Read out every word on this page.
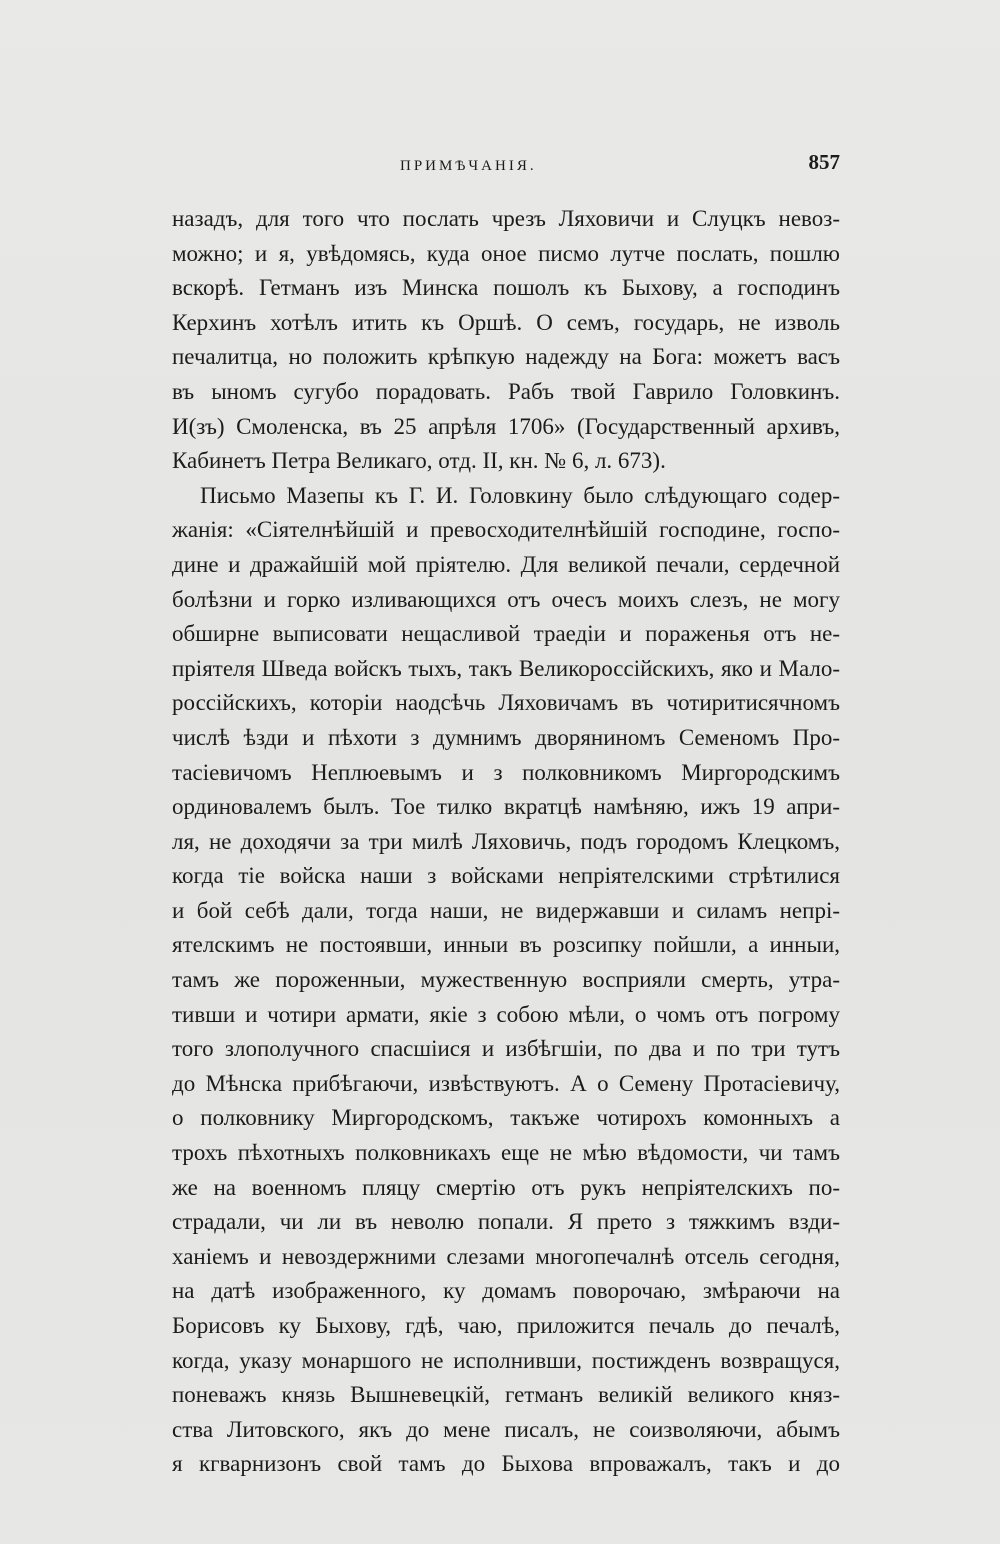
ПРИМѢЧАНІЯ.	857
назадъ, для того что послать чрезъ Ляховичи и Слуцкъ невоз-
можно; и я, увѣдомясь, куда оное писмо лутче послать, пошлю
вскорѣ. Гетманъ изъ Минска пошолъ къ Быхову, а господинъ
Керхинъ хотѣлъ итить къ Оршѣ. О семъ, государь, не изволь
печалитца, но положить крѣпкую надежду на Бога: можетъ васъ
въ ыномъ сугубо порадовать. Рабъ твой Гаврило Головкинъ.
И(зъ) Смоленска, въ 25 апрѣля 1706» (Государственный архивъ,
Кабинетъ Петра Великаго, отд. II, кн. № 6, л. 673).
Письмо Мазепы къ Г. И. Головкину было слѣдующаго содер-
жанія: «Сіятелнѣйшій и превосходителнѣйшій господине, госпо-
дине и дражайшій мой пріятелю. Для великой печали, сердечной
болѣзни и горко изливающихся отъ очесъ моихъ слезъ, не могу
обширне выписовати нещасливой траедіи и пораженья отъ не-
пріятеля Шведа войскъ тыхъ, такъ Великороссійскихъ, яко и Мало-
россійскихъ, которіи наодсѣчь Ляховичамъ въ чотиритисячномъ
числѣ ѣзди и пѣхоти з думнимъ дворяниномъ Семеномъ Про-
тасіевичомъ Неплюевымъ и з полковникомъ Миргородскимъ
ординовалемъ былъ. Тое тилко вкратцѣ намѣняю, ижъ 19 апри-
ля, не доходячи за три милѣ Ляховичь, подъ городомъ Клецкомъ,
когда тіе войска наши з войсками непріятелскими стрѣтилися
и бой себѣ дали, тогда наши, не видержавши и силамъ непрі-
ятелскимъ не постоявши, инныи въ розсипку пойшли, а инныи,
тамъ же пороженныи, мужественную восприяли смерть, утра-
тивши и чотири армати, якіе з собою мѣли, о чомъ отъ погрому
того злополучного спасшіися и избѣгшіи, по два и по три тутъ
до Мѣнска прибѣгаючи, извѣствуютъ. А о Семену Протасіевичу,
о полковнику Миргородскомъ, такъже чотирохъ комонныхъ а
трохъ пѣхотныхъ полковникахъ еще не мѣю вѣдомости, чи тамъ
же на военномъ пляцу смертію отъ рукъ непріятелскихъ по-
страдали, чи ли въ неволю попали. Я прето з тяжкимъ взди-
ханіемъ и невоздержними слезами многопечалнѣ отсель сегодня,
на датѣ изображенного, ку домамъ поворочаю, змѣраючи на
Борисовъ ку Быхову, гдѣ, чаю, приложится печаль до печалѣ,
когда, указу монаршого не исполнивши, постижденъ возвращуся,
поневажъ князь Вышневецкій, гетманъ великій великого княз-
ства Литовского, якъ до мене писалъ, не соизволяючи, абымъ
я кгварнизонъ свой тамъ до Быхова впроважалъ, такъ и до
